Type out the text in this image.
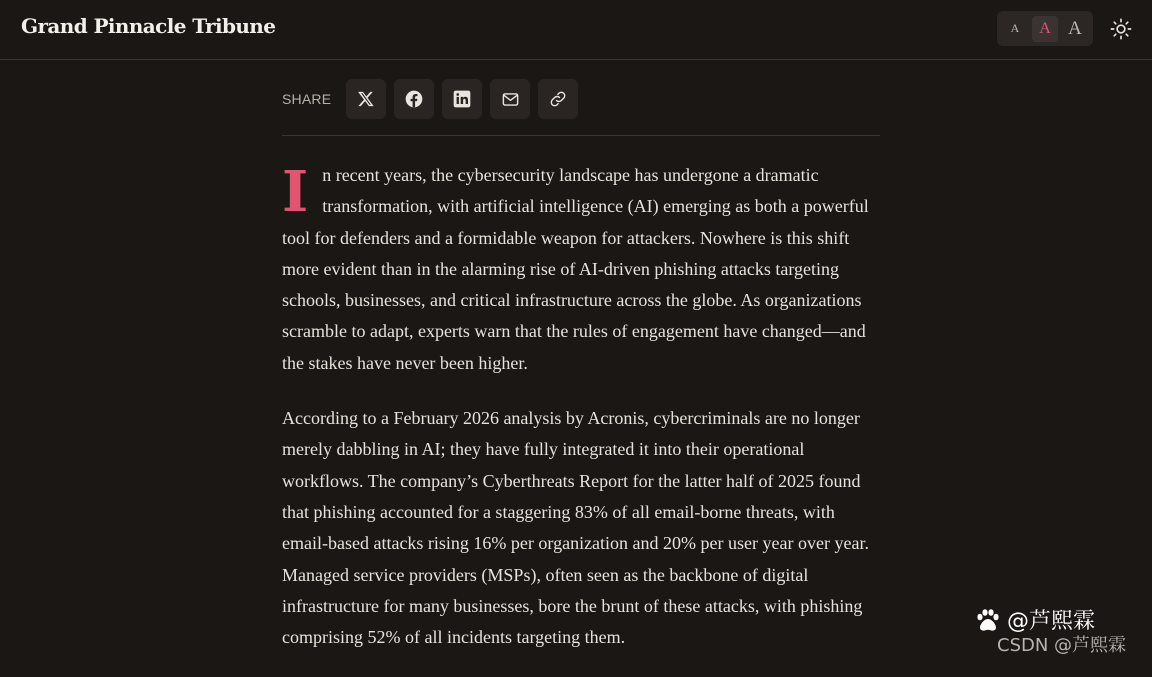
Grand Pinnacle Tribune	A	A A
SHARE

In recent years, the cybersecurity landscape has undergone a dramatic transformation, with artificial intelligence (AI) emerging as both a powerful tool for defenders and a formidable weapon for attackers. Nowhere is this shift more evident than in the alarming rise of AI-driven phishing attacks targeting schools, businesses, and critical infrastructure across the globe. As organizations scramble to adapt, experts warn that the rules of engagement have changed—and the stakes have never been higher.

According to a February 2026 analysis by Acronis, cybercriminals are no longer merely dabbling in AI; they have fully integrated it into their operational workflows. The company’s Cyberthreats Report for the latter half of 2025 found that phishing accounted for a staggering 83% of all email-borne threats, with email-based attacks rising 16% per organization and 20% per user year over year. Managed service providers (MSPs), often seen as the backbone of digital infrastructure for many businesses, bore the brunt of these attacks, with phishing comprising 52% of all incidents targeting them.

@芦熙霖
CSDN @芦熙霖
